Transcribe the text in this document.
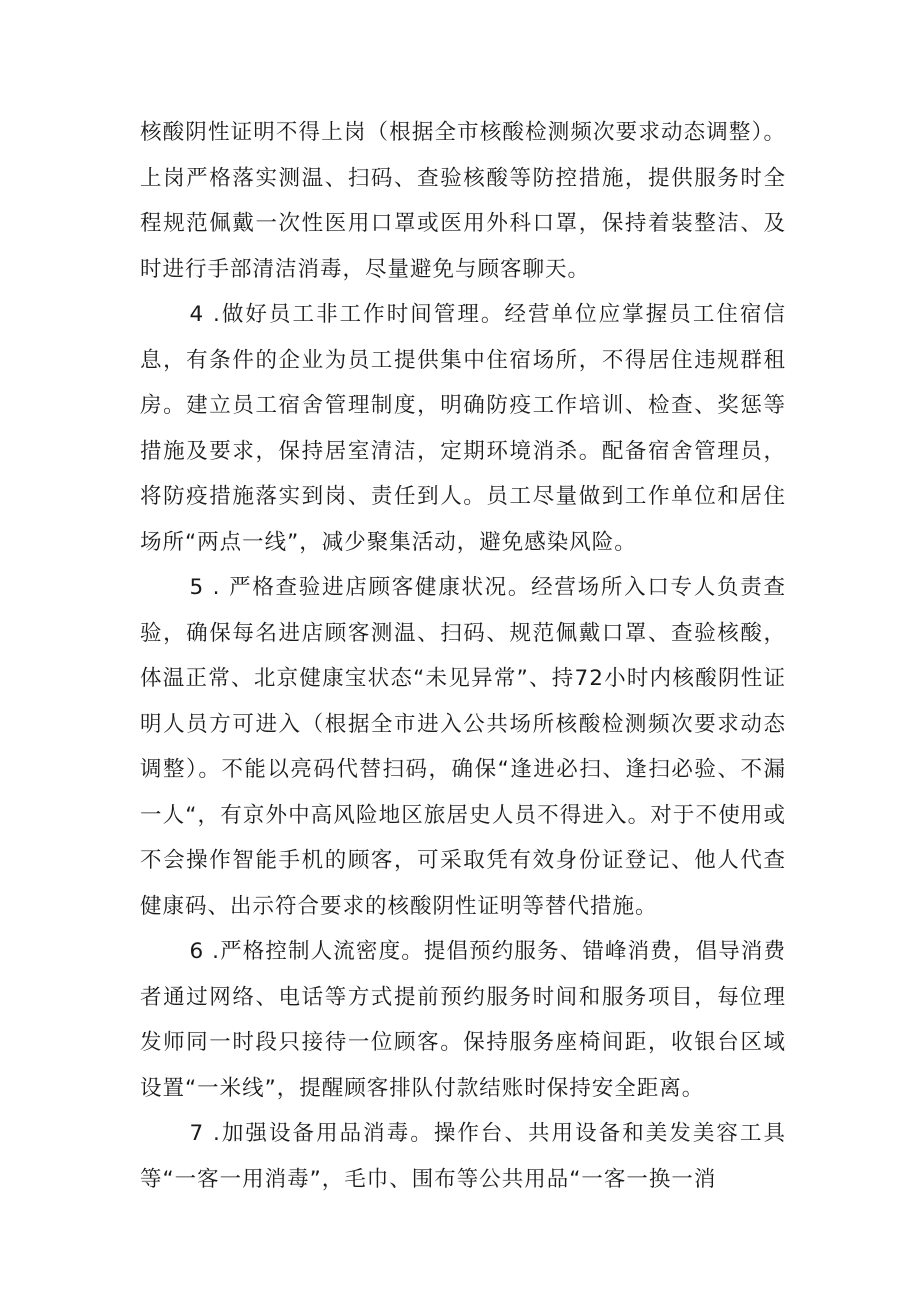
核酸阴性证明不得上岗（根据全市核酸检测频次要求动态调整）。上岗严格落实测温、扫码、查验核酸等防控措施，提供服务时全程规范佩戴一次性医用口罩或医用外科口罩，保持着装整洁、及时进行手部清洁消毒，尽量避免与顾客聊天。

4 .做好员工非工作时间管理。经营单位应掌握员工住宿信息，有条件的企业为员工提供集中住宿场所，不得居住违规群租房。建立员工宿舍管理制度，明确防疫工作培训、检查、奖惩等措施及要求，保持居室清洁，定期环境消杀。配备宿舍管理员，将防疫措施落实到岗、责任到人。员工尽量做到工作单位和居住场所“两点一线”，减少聚集活动，避免感染风险。

5 . 严格查验进店顾客健康状况。经营场所入口专人负责查验，确保每名进店顾客测温、扫码、规范佩戴口罩、查验核酸，体温正常、北京健康宝状态“未见异常”、持72小时内核酸阴性证明人员方可进入（根据全市进入公共场所核酸检测频次要求动态调整）。不能以亮码代替扫码，确保“逢进必扫、逢扫必验、不漏一人“，有京外中高风险地区旅居史人员不得进入。对于不使用或不会操作智能手机的顾客，可采取凭有效身份证登记、他人代查健康码、出示符合要求的核酸阴性证明等替代措施。

6 .严格控制人流密度。提倡预约服务、错峰消费，倡导消费者通过网络、电话等方式提前预约服务时间和服务项目，每位理发师同一时段只接待一位顾客。保持服务座椅间距，收银台区域设置“一米线”，提醒顾客排队付款结账时保持安全距离。

7 .加强设备用品消毒。操作台、共用设备和美发美容工具等“一客一用消毒”，毛巾、围布等公共用品“一客一换一消
